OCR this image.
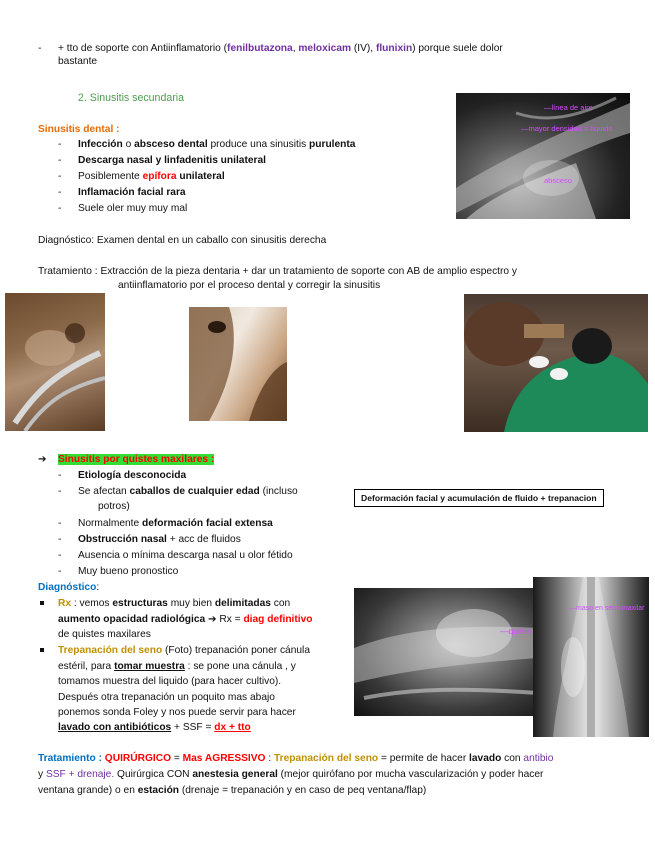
- + tto de soporte con Antiinflamatorio (fenilbutazona, meloxicam (IV), flunixin) porque suele dolor
bastante
2. Sinusitis secundaria
—línea de aire
—mayor densidad = líquido
absceso
Sinusitis dental :
- Infección o absceso dental produce una sinusitis purulenta
- Descarga nasal y linfadenitis unilateral
- Posiblemente epífora unilateral
- Inflamación facial rara
- Suele oler muy muy mal
Diagnóstico: Examen dental en un caballo con sinusitis derecha
Tratamiento : Extracción de la pieza dentaria + dar un tratamiento de soporte con AB de amplio espectro y
antiinflamatorio por el proceso dental y corregir la sinusitis
➔ Sinusitis por quistes maxilares :
- Etiología desconocida
- Se afectan caballos de cualquier edad (incluso
potros)
- Normalmente deformación facial extensa
- Obstrucción nasal + acc de fluidos
- Ausencia o mínima descarga nasal u olor fétido
- Muy bueno pronostico
Deformación facial y acumulación de fluido + trepanacion
Diagnóstico:
Rx : vemos estructuras muy bien delimitadas con
aumento opacidad radiológica ➔ Rx = diag definitivo
de quistes maxilares
Trepanación del seno (Foto) trepanación poner cánula
estéril, para tomar muestra : se pone una cánula , y
tomamos muestra del liquido (para hacer cultivo).
Después otra trepanación un poquito mas abajo
ponemos sonda Foley y nos puede servir para hacer
lavado con antibióticos + SSF = dx + tto
—quista
—maso en seno maxilar
Tratamiento : QUIRÚRGICO = Mas AGRESSIVO : Trepanación del seno = permite de hacer lavado con antibio
y SSF + drenaje. Quirúrgica CON anestesia general (mejor quirófano por mucha vascularización y poder hacer
ventana grande) o en estación (drenaje = trepanación y en caso de peq ventana/flap)
